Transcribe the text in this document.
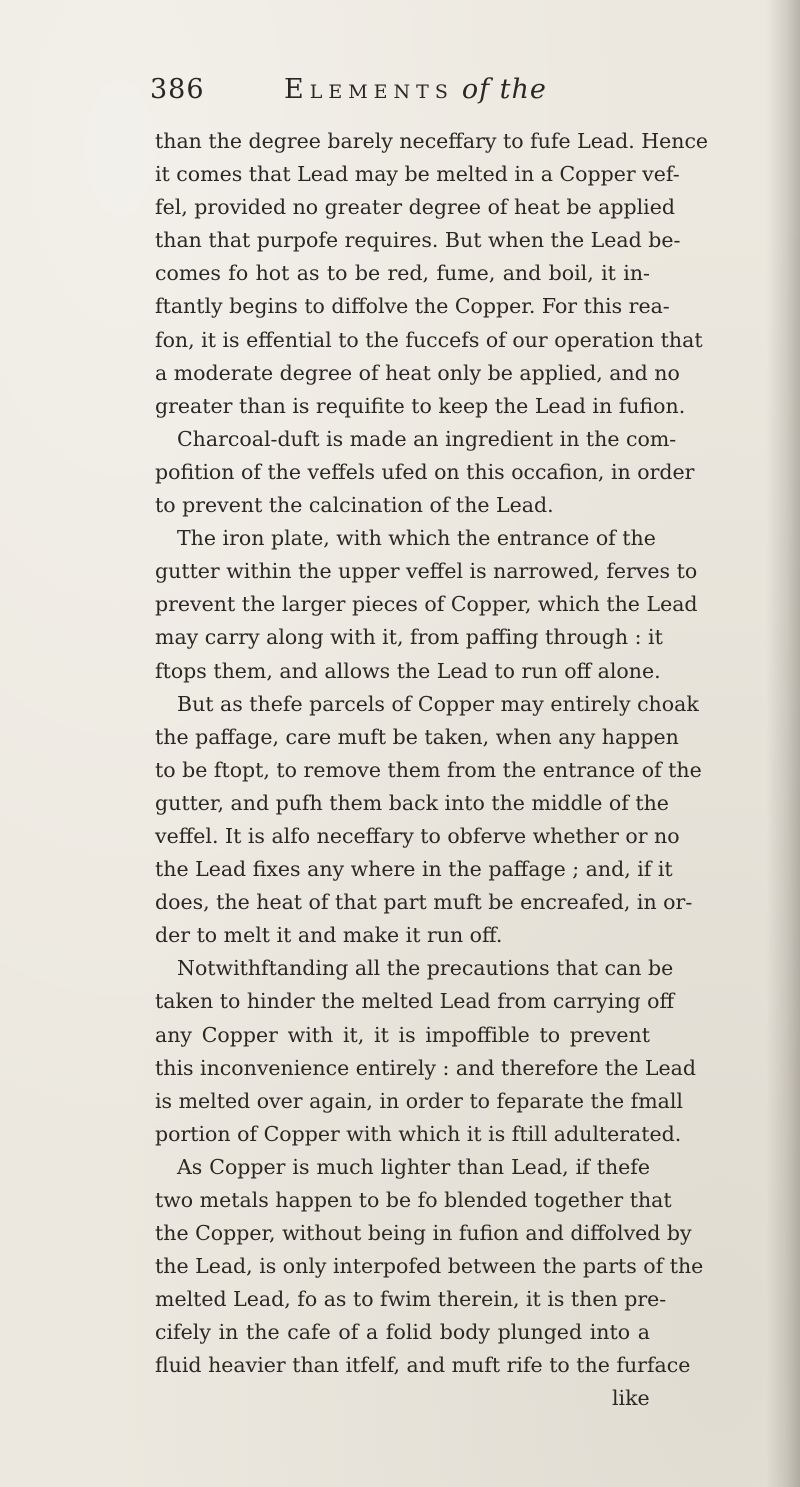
386	Elements of the
than the degree barely neceffary to fufe Lead. Hence
it comes that Lead may be melted in a Copper vef-
fel, provided no greater degree of heat be applied
than that purpofe requires. But when the Lead be-
comes fo hot as to be red, fume, and boil, it in-
ftantly begins to diffolve the Copper. For this rea-
fon, it is effential to the fuccefs of our operation that
a moderate degree of heat only be applied, and no
greater than is requifite to keep the Lead in fufion.
Charcoal-duft is made an ingredient in the com-
pofition of the veffels ufed on this occafion, in order
to prevent the calcination of the Lead.
The iron plate, with which the entrance of the
gutter within the upper veffel is narrowed, ferves to
prevent the larger pieces of Copper, which the Lead
may carry along with it, from paffing through : it
ftops them, and allows the Lead to run off alone.
But as thefe parcels of Copper may entirely choak
the paffage, care muft be taken, when any happen
to be ftopt, to remove them from the entrance of the
gutter, and pufh them back into the middle of the
veffel. It is alfo neceffary to obferve whether or no
the Lead fixes any where in the paffage ; and, if it
does, the heat of that part muft be encreafed, in or-
der to melt it and make it run off.
Notwithftanding all the precautions that can be
taken to hinder the melted Lead from carrying off
any Copper with it, it is impoffible to prevent
this inconvenience entirely : and therefore the Lead
is melted over again, in order to feparate the fmall
portion of Copper with which it is ftill adulterated.
As Copper is much lighter than Lead, if thefe
two metals happen to be fo blended together that
the Copper, without being in fufion and diffolved by
the Lead, is only interpofed between the parts of the
melted Lead, fo as to fwim therein, it is then pre-
cifely in the cafe of a folid body plunged into a
fluid heavier than itfelf, and muft rife to the furface
like
